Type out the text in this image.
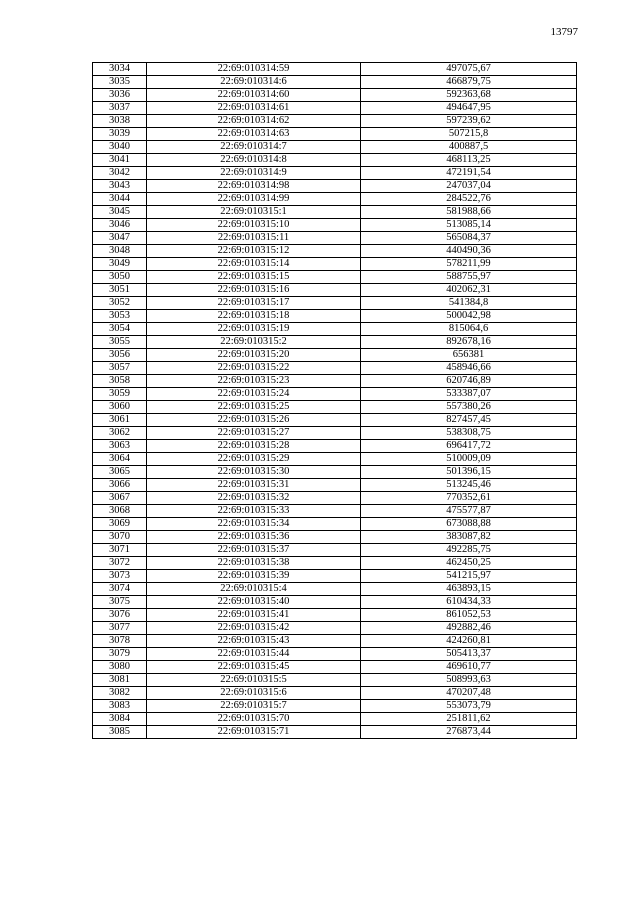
13797
3034	22:69:010314:59	497075,67
3035	22:69:010314:6	466879,75
3036	22:69:010314:60	592363,68
3037	22:69:010314:61	494647,95
3038	22:69:010314:62	597239,62
3039	22:69:010314:63	507215,8
3040	22:69:010314:7	400887,5
3041	22:69:010314:8	468113,25
3042	22:69:010314:9	472191,54
3043	22:69:010314:98	247037,04
3044	22:69:010314:99	284522,76
3045	22:69:010315:1	581988,66
3046	22:69:010315:10	513085,14
3047	22:69:010315:11	565084,37
3048	22:69:010315:12	440490,36
3049	22:69:010315:14	578211,99
3050	22:69:010315:15	588755,97
3051	22:69:010315:16	402062,31
3052	22:69:010315:17	541384,8
3053	22:69:010315:18	500042,98
3054	22:69:010315:19	815064,6
3055	22:69:010315:2	892678,16
3056	22:69:010315:20	656381
3057	22:69:010315:22	458946,66
3058	22:69:010315:23	620746,89
3059	22:69:010315:24	533387,07
3060	22:69:010315:25	557380,26
3061	22:69:010315:26	827457,45
3062	22:69:010315:27	538308,75
3063	22:69:010315:28	696417,72
3064	22:69:010315:29	510009,09
3065	22:69:010315:30	501396,15
3066	22:69:010315:31	513245,46
3067	22:69:010315:32	770352,61
3068	22:69:010315:33	475577,87
3069	22:69:010315:34	673088,88
3070	22:69:010315:36	383087,82
3071	22:69:010315:37	492285,75
3072	22:69:010315:38	462450,25
3073	22:69:010315:39	541215,97
3074	22:69:010315:4	463893,15
3075	22:69:010315:40	610434,33
3076	22:69:010315:41	861052,53
3077	22:69:010315:42	492882,46
3078	22:69:010315:43	424260,81
3079	22:69:010315:44	505413,37
3080	22:69:010315:45	469610,77
3081	22:69:010315:5	508993,63
3082	22:69:010315:6	470207,48
3083	22:69:010315:7	553073,79
3084	22:69:010315:70	251811,62
3085	22:69:010315:71	276873,44
